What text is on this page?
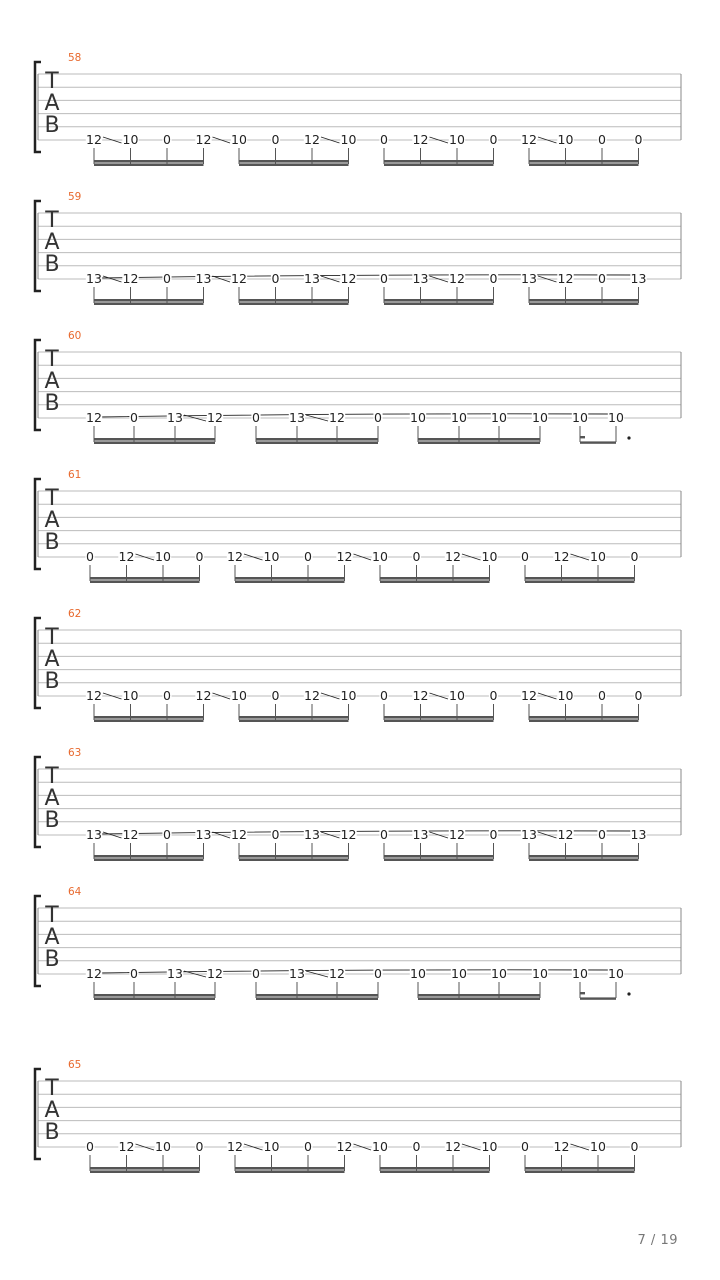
T
A
B
58
12 10 0 12 10 0 12 10 0 12 10 0 12 10 0 0
T
A
B
59
13 12 0 13 12 0 13 12 0 13 12 0 13 12 0 13
T
A
B
60
12 0 13 12 0 13 12 0 10 10 10 10 10 10
T
A
B
61
0 12 10 0 12 10 0 12 10 0 12 10 0 12 10 0
T
A
B
62
12 10 0 12 10 0 12 10 0 12 10 0 12 10 0 0
T
A
B
63
13 12 0 13 12 0 13 12 0 13 12 0 13 12 0 13
T
A
B
64
12 0 13 12 0 13 12 0 10 10 10 10 10 10
T
A
B
65
0 12 10 0 12 10 0 12 10 0 12 10 0 12 10 0
7 / 19
